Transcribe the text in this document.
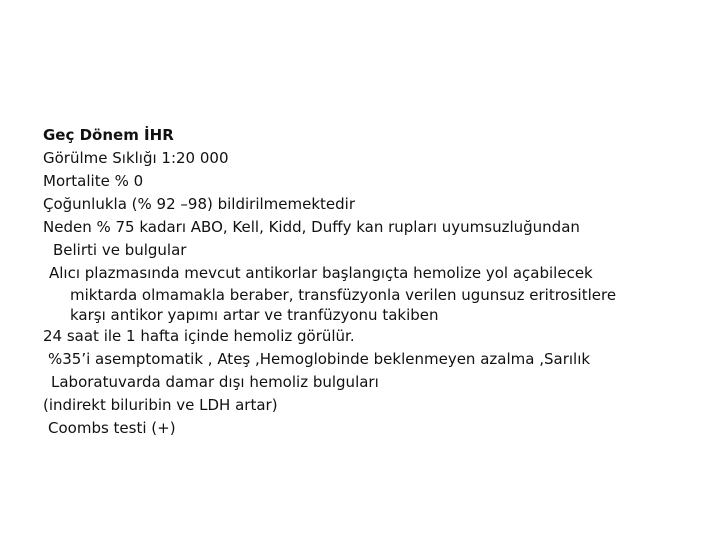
Geç Dönem İHR
Görülme Sıklığı 1:20 000
Mortalite % 0
Çoğunlukla (% 92 –98) bildirilmemektedir
Neden % 75 kadarı ABO, Kell, Kidd, Duffy kan rupları uyumsuzluğundan
Belirti ve bulgular
Alıcı plazmasında mevcut antikorlar başlangıçta hemolize yol açabilecek
miktarda olmamakla beraber, transfüzyonla verilen ugunsuz eritrositlere
karşı antikor yapımı artar ve tranfüzyonu takiben
24 saat ile 1 hafta içinde hemoliz görülür.
%35’i asemptomatik , Ateş ,Hemoglobinde beklenmeyen azalma ,Sarılık
Laboratuvarda damar dışı hemoliz bulguları
(indirekt biluribin ve LDH artar)
Coombs testi (+)
